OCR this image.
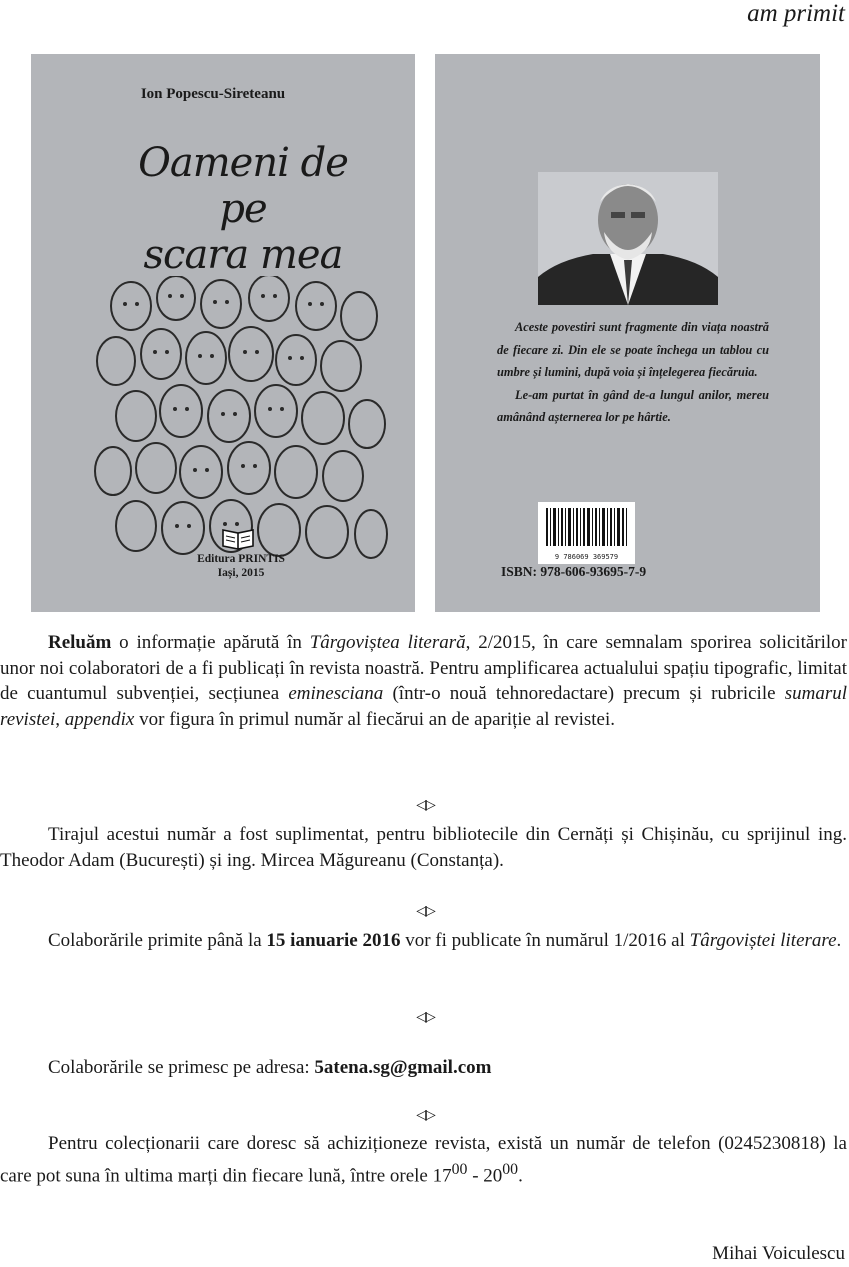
am primit
Ion Popescu-Sireteanu
Oameni de pe
scara mea
Editura PRINTIS
Iași, 2015

Aceste povestiri sunt fragmente din viața noastră de fiecare zi. Din ele se poate închega un tablou cu umbre și lumini, după voia și înțelegerea fiecăruia.

Le-am purtat în gând de-a lungul anilor, mereu amânând așternerea lor pe hârtie.

9 786069 369579
ISBN: 978-606-93695-7-9

Reluăm o informație apărută în Târgoviștea literară, 2/2015, în care semnalam sporirea solicitărilor unor noi colaboratori de a fi publicați în revista noastră. Pentru amplificarea actualului spațiu tipografic, limitat de cuantumul subvenției, secțiunea eminesciana (într-o nouă tehnoredactare) precum și rubricile sumarul revistei, appendix vor figura în primul număr al fiecărui an de apariție al revistei.

◁▷

Tirajul acestui număr a fost suplimentat, pentru bibliotecile din Cernăți și Chișinău, cu sprijinul ing. Theodor Adam (București) și ing. Mircea Măgureanu (Constanța).

◁▷

Colaborările primite până la 15 ianuarie 2016 vor fi publicate în numărul 1/2016 al Târgoviștei literare.

◁▷

Colaborările se primesc pe adresa: 5atena.sg@gmail.com

◁▷

Pentru colecționarii care doresc să achiziționeze revista, există un număr de telefon (0245230818) la care pot suna în ultima marți din fiecare lună, între orele $17^{00} - 20^{00}$.

Mihai Voiculescu
